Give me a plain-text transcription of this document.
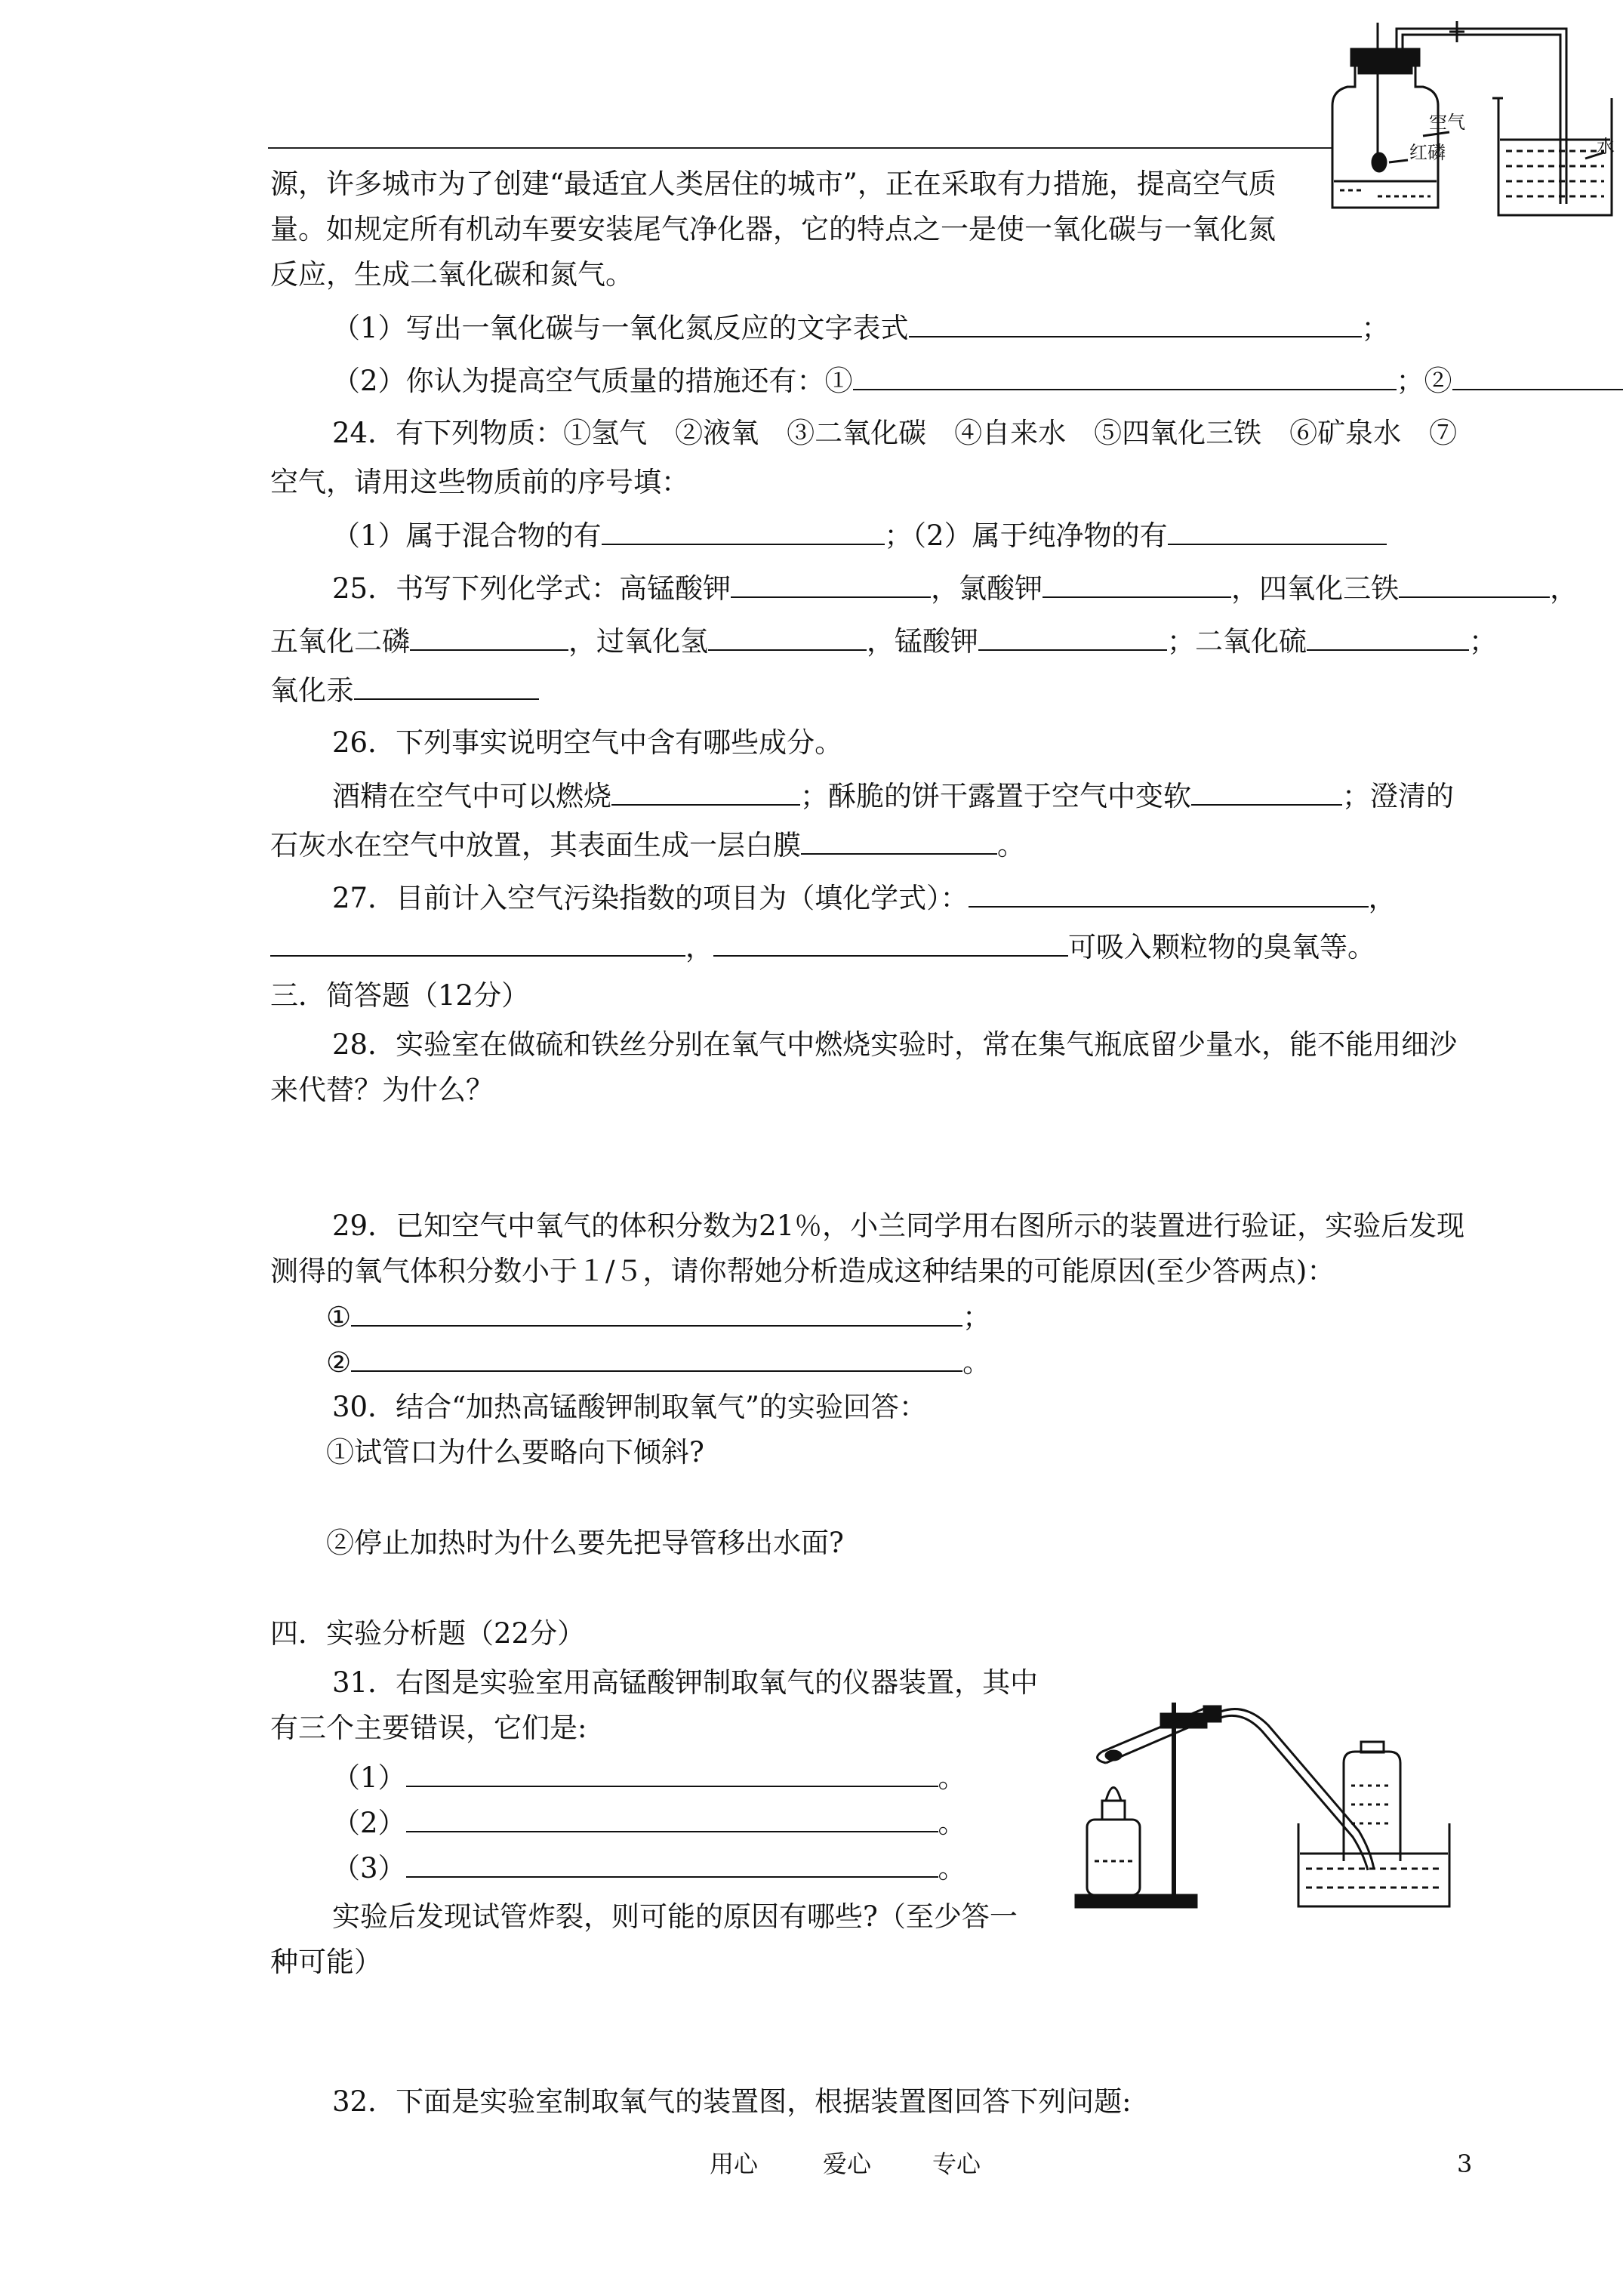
空气
红磷	水
源，许多城市为了创建“最适宜人类居住的城市”，正在采取有力措施，提高空气质
量。如规定所有机动车要安装尾气净化器，它的特点之一是使一氧化碳与一氧化氮
反应，生成二氧化碳和氮气。
（1）写出一氧化碳与一氧化氮反应的文字表式	；
（2）你认为提高空气质量的措施还有：①	；②
24．有下列物质：①氢气　②液氧　③二氧化碳　④自来水　⑤四氧化三铁　⑥矿泉水　⑦
空气，请用这些物质前的序号填：
（1）属于混合物的有	；（2）属于纯净物的有
25．书写下列化学式：高锰酸钾	，氯酸钾	，四氧化三铁	，
五氧化二磷	，过氧化氢	，锰酸钾	；二氧化硫	；
氧化汞
26．下列事实说明空气中含有哪些成分。
酒精在空气中可以燃烧	；酥脆的饼干露置于空气中变软	；澄清的
石灰水在空气中放置，其表面生成一层白膜	。
27．目前计入空气污染指数的项目为（填化学式）：	，
，	可吸入颗粒物的臭氧等。
三．简答题（12分）
28．实验室在做硫和铁丝分别在氧气中燃烧实验时，常在集气瓶底留少量水，能不能用细沙
来代替？为什么？
29．已知空气中氧气的体积分数为21％，小兰同学用右图所示的装置进行验证，实验后发现
测得的氧气体积分数小于１/５，请你帮她分析造成这种结果的可能原因(至少答两点)：
①	；
②	。
30．结合“加热高锰酸钾制取氧气”的实验回答：
①试管口为什么要略向下倾斜?
②停止加热时为什么要先把导管移出水面?
四．实验分析题（22分）
31．右图是实验室用高锰酸钾制取氧气的仪器装置，其中
有三个主要错误，它们是:
（1）	。
（2）	。
（3）	。
实验后发现试管炸裂，则可能的原因有哪些?（至少答一
种可能）
32．下面是实验室制取氧气的装置图，根据装置图回答下列问题:
用心	爱心	专心	3
